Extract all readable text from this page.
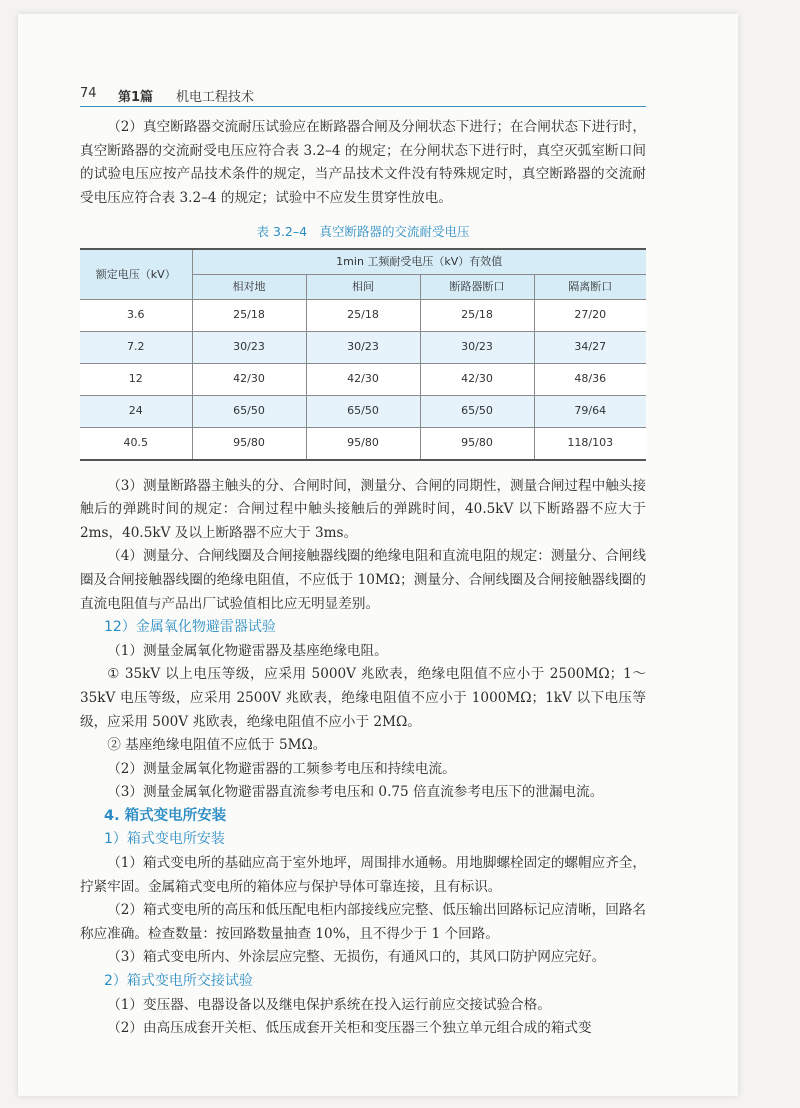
74 第1篇 机电工程技术

（2）真空断路器交流耐压试验应在断路器合闸及分闸状态下进行；在合闸状态下进行时，真空断路器的交流耐受电压应符合表 3.2–4 的规定；在分闸状态下进行时，真空灭弧室断口间的试验电压应按产品技术条件的规定，当产品技术文件没有特殊规定时，真空断路器的交流耐受电压应符合表 3.2–4 的规定；试验中不应发生贯穿性放电。

表 3.2–4　真空断路器的交流耐受电压
额定电压（kV）	1min 工频耐受电压（kV）有效值			
	相对地	相间	断路器断口	隔离断口
3.6	25/18	25/18	25/18	27/20
7.2	30/23	30/23	30/23	34/27
12	42/30	42/30	42/30	48/36
24	65/50	65/50	65/50	79/64
40.5	95/80	95/80	95/80	118/103

（3）测量断路器主触头的分、合闸时间，测量分、合闸的同期性，测量合闸过程中触头接触后的弹跳时间的规定：合闸过程中触头接触后的弹跳时间，40.5kV 以下断路器不应大于 2ms，40.5kV 及以上断路器不应大于 3ms。

（4）测量分、合闸线圈及合闸接触器线圈的绝缘电阻和直流电阻的规定：测量分、合闸线圈及合闸接触器线圈的绝缘电阻值，不应低于 10MΩ；测量分、合闸线圈及合闸接触器线圈的直流电阻值与产品出厂试验值相比应无明显差别。

12）金属氧化物避雷器试验

（1）测量金属氧化物避雷器及基座绝缘电阻。

① 35kV 以上电压等级，应采用 5000V 兆欧表，绝缘电阻值不应小于 2500MΩ；1～35kV 电压等级，应采用 2500V 兆欧表，绝缘电阻值不应小于 1000MΩ；1kV 以下电压等级，应采用 500V 兆欧表，绝缘电阻值不应小于 2MΩ。

② 基座绝缘电阻值不应低于 5MΩ。

（2）测量金属氧化物避雷器的工频参考电压和持续电流。

（3）测量金属氧化物避雷器直流参考电压和 0.75 倍直流参考电压下的泄漏电流。

4. 箱式变电所安装

1）箱式变电所安装

（1）箱式变电所的基础应高于室外地坪，周围排水通畅。用地脚螺栓固定的螺帽应齐全，拧紧牢固。金属箱式变电所的箱体应与保护导体可靠连接，且有标识。

（2）箱式变电所的高压和低压配电柜内部接线应完整、低压输出回路标记应清晰，回路名称应准确。检查数量：按回路数量抽查 10%，且不得少于 1 个回路。

（3）箱式变电所内、外涂层应完整、无损伤，有通风口的，其风口防护网应完好。

2）箱式变电所交接试验

（1）变压器、电器设备以及继电保护系统在投入运行前应交接试验合格。

（2）由高压成套开关柜、低压成套开关柜和变压器三个独立单元组合成的箱式变
